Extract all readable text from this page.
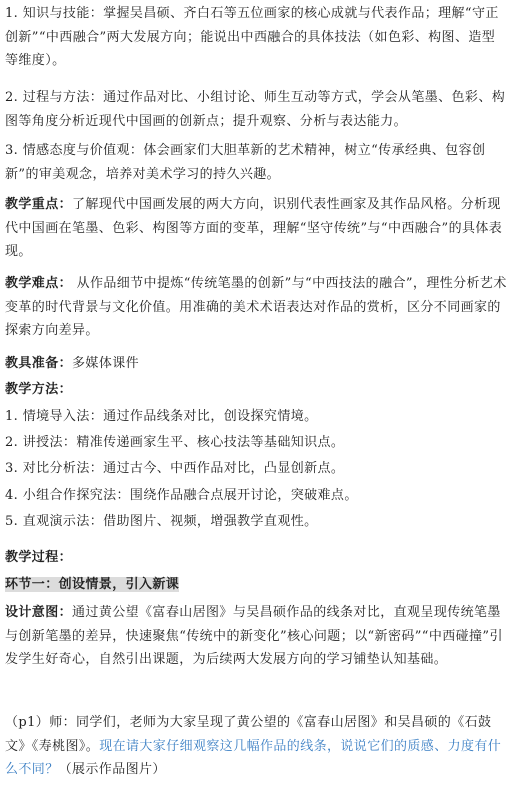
1. 知识与技能：掌握吴昌硕、齐白石等五位画家的核心成就与代表作品；理解“守正创新”“中西融合”两大发展方向；能说出中西融合的具体技法（如色彩、构图、造型等维度）。
2. 过程与方法：通过作品对比、小组讨论、师生互动等方式，学会从笔墨、色彩、构图等角度分析近现代中国画的创新点；提升观察、分析与表达能力。
3. 情感态度与价值观：体会画家们大胆革新的艺术精神，树立“传承经典、包容创新”的审美观念，培养对美术学习的持久兴趣。
教学重点：了解现代中国画发展的两大方向，识别代表性画家及其作品风格。分析现代中国画在笔墨、色彩、构图等方面的变革，理解“坚守传统”与“中西融合”的具体表现。
教学难点： 从作品细节中提炼“传统笔墨的创新”与“中西技法的融合”，理性分析艺术变革的时代背景与文化价值。用准确的美术术语表达对作品的赏析，区分不同画家的探索方向差异。
教具准备：多媒体课件
教学方法：
1. 情境导入法：通过作品线条对比，创设探究情境。
2. 讲授法：精准传递画家生平、核心技法等基础知识点。
3. 对比分析法：通过古今、中西作品对比，凸显创新点。
4. 小组合作探究法：围绕作品融合点展开讨论，突破难点。
5. 直观演示法：借助图片、视频，增强教学直观性。
教学过程：
环节一：创设情景，引入新课
设计意图：通过黄公望《富春山居图》与吴昌硕作品的线条对比，直观呈现传统笔墨与创新笔墨的差异，快速聚焦“传统中的新变化”核心问题；以“新密码”“中西碰撞”引发学生好奇心，自然引出课题，为后续两大发展方向的学习铺垫认知基础。
（p1）师：同学们，老师为大家呈现了黄公望的《富春山居图》和吴昌硕的《石鼓文》《寿桃图》。现在请大家仔细观察这几幅作品的线条，说说它们的质感、力度有什么不同？（展示作品图片）
